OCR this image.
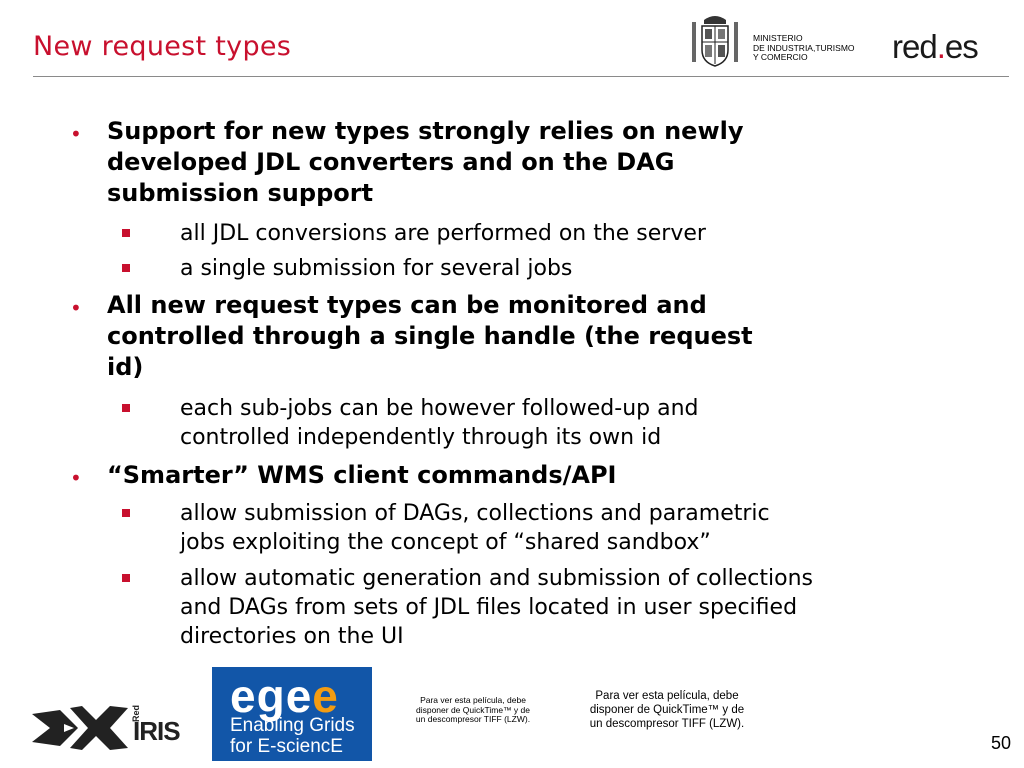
New request types	MINISTERIO
DE INDUSTRIA,TURISMO
Y COMERCIO	red.es
• Support for new types strongly relies on newly
developed JDL converters and on the DAG
submission support
all JDL conversions are performed on the server
a single submission for several jobs
• All new request types can be monitored and
controlled through a single handle (the request
id)
each sub-jobs can be however followed-up and
controlled independently through its own id
• “Smarter” WMS client commands/API
allow submission of DAGs, collections and parametric
jobs exploiting the concept of “shared sandbox”
allow automatic generation and submission of collections
and DAGs from sets of JDL files located in user specified
directories on the UI
Red
IRIS
egee
Enabling Grids
for E-sciencE
Para ver esta película, debe
disponer de QuickTime™ y de
un descompresor TIFF (LZW).
Para ver esta película, debe
disponer de QuickTime™ y de
un descompresor TIFF (LZW).
50
